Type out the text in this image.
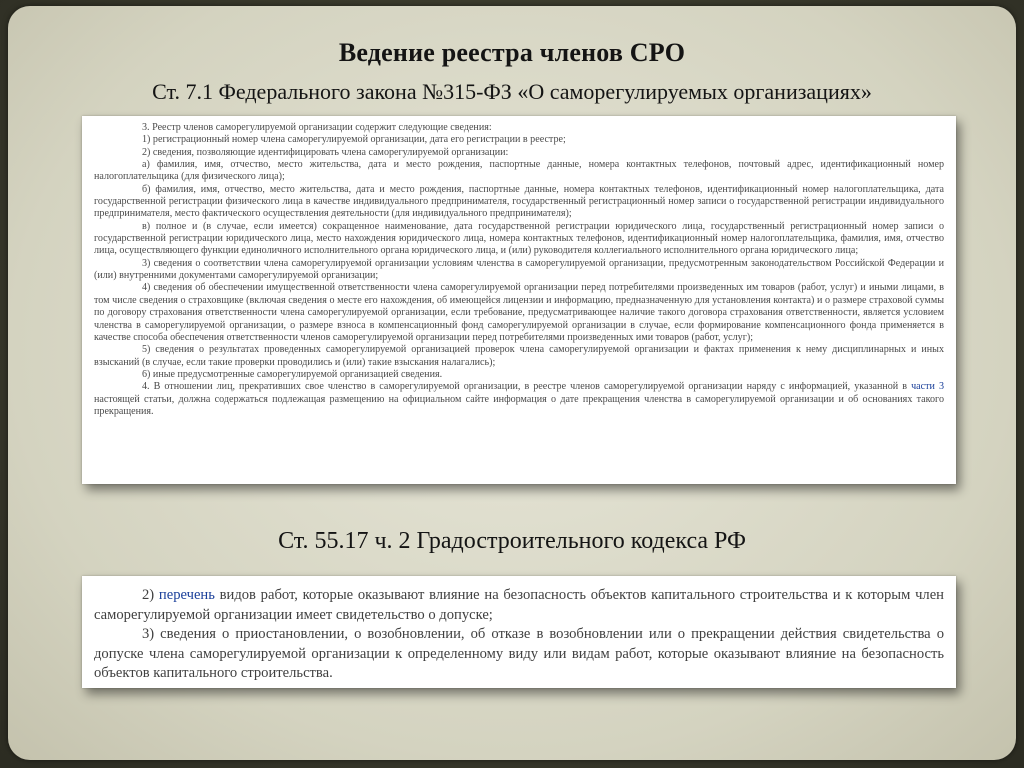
Ведение реестра членов СРО
Ст. 7.1 Федерального закона №315-ФЗ «О саморегулируемых организациях»

3. Реестр членов саморегулируемой организации содержит следующие сведения:

1) регистрационный номер члена саморегулируемой организации, дата его регистрации в реестре;

2) сведения, позволяющие идентифицировать члена саморегулируемой организации:

а) фамилия, имя, отчество, место жительства, дата и место рождения, паспортные данные, номера контактных телефонов, почтовый адрес, идентификационный номер налогоплательщика (для физического лица);

б) фамилия, имя, отчество, место жительства, дата и место рождения, паспортные данные, номера контактных телефонов, идентификационный номер налогоплательщика, дата государственной регистрации физического лица в качестве индивидуального предпринимателя, государственный регистрационный номер записи о государственной регистрации индивидуального предпринимателя, место фактического осуществления деятельности (для индивидуального предпринимателя);

в) полное и (в случае, если имеется) сокращенное наименование, дата государственной регистрации юридического лица, государственный регистрационный номер записи о государственной регистрации юридического лица, место нахождения юридического лица, номера контактных телефонов, идентификационный номер налогоплательщика, фамилия, имя, отчество лица, осуществляющего функции единоличного исполнительного органа юридического лица, и (или) руководителя коллегиального исполнительного органа юридического лица;

3) сведения о соответствии члена саморегулируемой организации условиям членства в саморегулируемой организации, предусмотренным законодательством Российской Федерации и (или) внутренними документами саморегулируемой организации;

4) сведения об обеспечении имущественной ответственности члена саморегулируемой организации перед потребителями произведенных им товаров (работ, услуг) и иными лицами, в том числе сведения о страховщике (включая сведения о месте его нахождения, об имеющейся лицензии и информацию, предназначенную для установления контакта) и о размере страховой суммы по договору страхования ответственности члена саморегулируемой организации, если требование, предусматривающее наличие такого договора страхования ответственности, является условием членства в саморегулируемой организации, о размере взноса в компенсационный фонд саморегулируемой организации в случае, если формирование компенсационного фонда применяется в качестве способа обеспечения ответственности членов саморегулируемой организации перед потребителями произведенных ими товаров (работ, услуг);

5) сведения о результатах проведенных саморегулируемой организацией проверок члена саморегулируемой организации и фактах применения к нему дисциплинарных и иных взысканий (в случае, если такие проверки проводились и (или) такие взыскания налагались);

6) иные предусмотренные саморегулируемой организацией сведения.

4. В отношении лиц, прекративших свое членство в саморегулируемой организации, в реестре членов саморегулируемой организации наряду с информацией, указанной в части 3 настоящей статьи, должна содержаться подлежащая размещению на официальном сайте информация о дате прекращения членства в саморегулируемой организации и об основаниях такого прекращения.

Ст. 55.17 ч. 2 Градостроительного кодекса РФ

2) перечень видов работ, которые оказывают влияние на безопасность объектов капитального строительства и к которым член саморегулируемой организации имеет свидетельство о допуске;

3) сведения о приостановлении, о возобновлении, об отказе в возобновлении или о прекращении действия свидетельства о допуске члена саморегулируемой организации к определенному виду или видам работ, которые оказывают влияние на безопасность объектов капитального строительства.
